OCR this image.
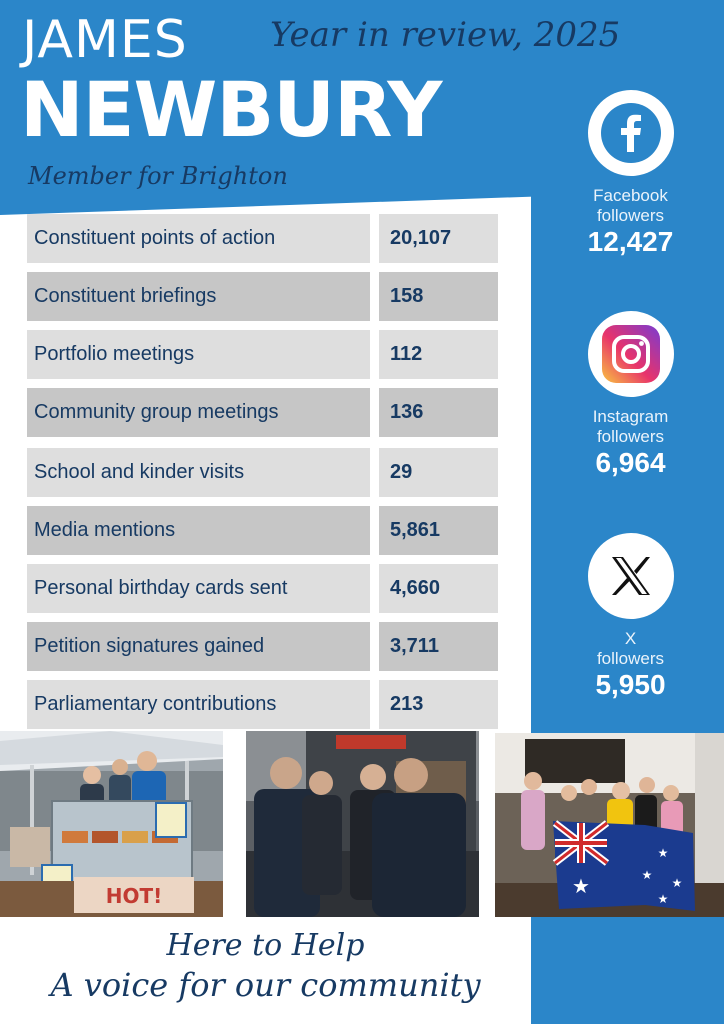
JAMES
NEWBURY
Year in review, 2025
Member for Brighton
Constituent points of action	20,107
Constituent briefings	158
Portfolio meetings	112
Community group meetings	136
School and kinder visits	29
Media mentions	5,861
Personal birthday cards sent	4,660
Petition signatures gained	3,711
Parliamentary contributions	213
Facebook
followers
12,427
Instagram
followers
6,964
X
followers
5,950
HOT!	★
★
★
★
★
Here to Help
A voice for our community
